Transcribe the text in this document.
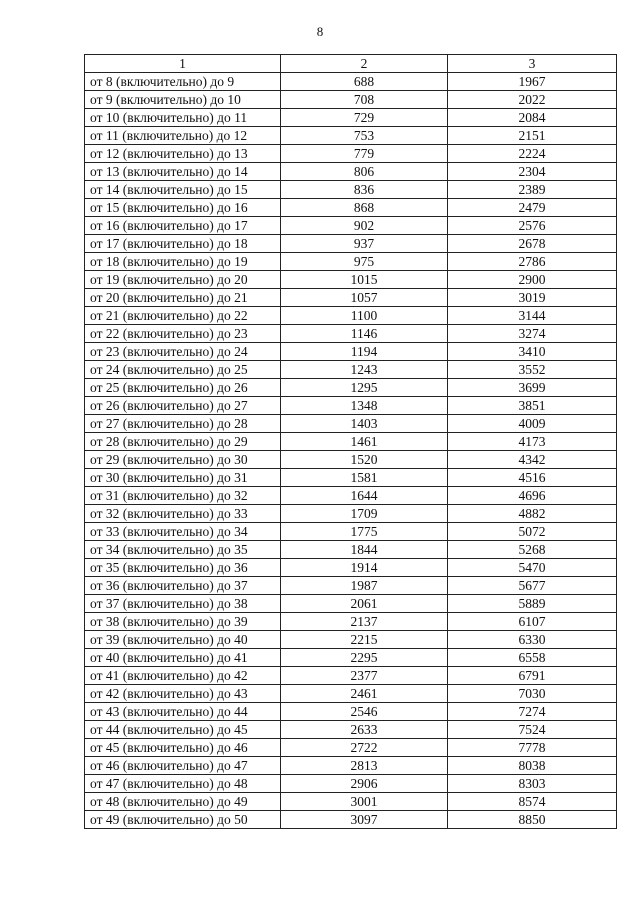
8
1	2	3
от 8 (включительно) до 9	688	1967
от 9 (включительно) до 10	708	2022
от 10 (включительно) до 11	729	2084
от 11 (включительно) до 12	753	2151
от 12 (включительно) до 13	779	2224
от 13 (включительно) до 14	806	2304
от 14 (включительно) до 15	836	2389
от 15 (включительно) до 16	868	2479
от 16 (включительно) до 17	902	2576
от 17 (включительно) до 18	937	2678
от 18 (включительно) до 19	975	2786
от 19 (включительно) до 20	1015	2900
от 20 (включительно) до 21	1057	3019
от 21 (включительно) до 22	1100	3144
от 22 (включительно) до 23	1146	3274
от 23 (включительно) до 24	1194	3410
от 24 (включительно) до 25	1243	3552
от 25 (включительно) до 26	1295	3699
от 26 (включительно) до 27	1348	3851
от 27 (включительно) до 28	1403	4009
от 28 (включительно) до 29	1461	4173
от 29 (включительно) до 30	1520	4342
от 30 (включительно) до 31	1581	4516
от 31 (включительно) до 32	1644	4696
от 32 (включительно) до 33	1709	4882
от 33 (включительно) до 34	1775	5072
от 34 (включительно) до 35	1844	5268
от 35 (включительно) до 36	1914	5470
от 36 (включительно) до 37	1987	5677
от 37 (включительно) до 38	2061	5889
от 38 (включительно) до 39	2137	6107
от 39 (включительно) до 40	2215	6330
от 40 (включительно) до 41	2295	6558
от 41 (включительно) до 42	2377	6791
от 42 (включительно) до 43	2461	7030
от 43 (включительно) до 44	2546	7274
от 44 (включительно) до 45	2633	7524
от 45 (включительно) до 46	2722	7778
от 46 (включительно) до 47	2813	8038
от 47 (включительно) до 48	2906	8303
от 48 (включительно) до 49	3001	8574
от 49 (включительно) до 50	3097	8850
